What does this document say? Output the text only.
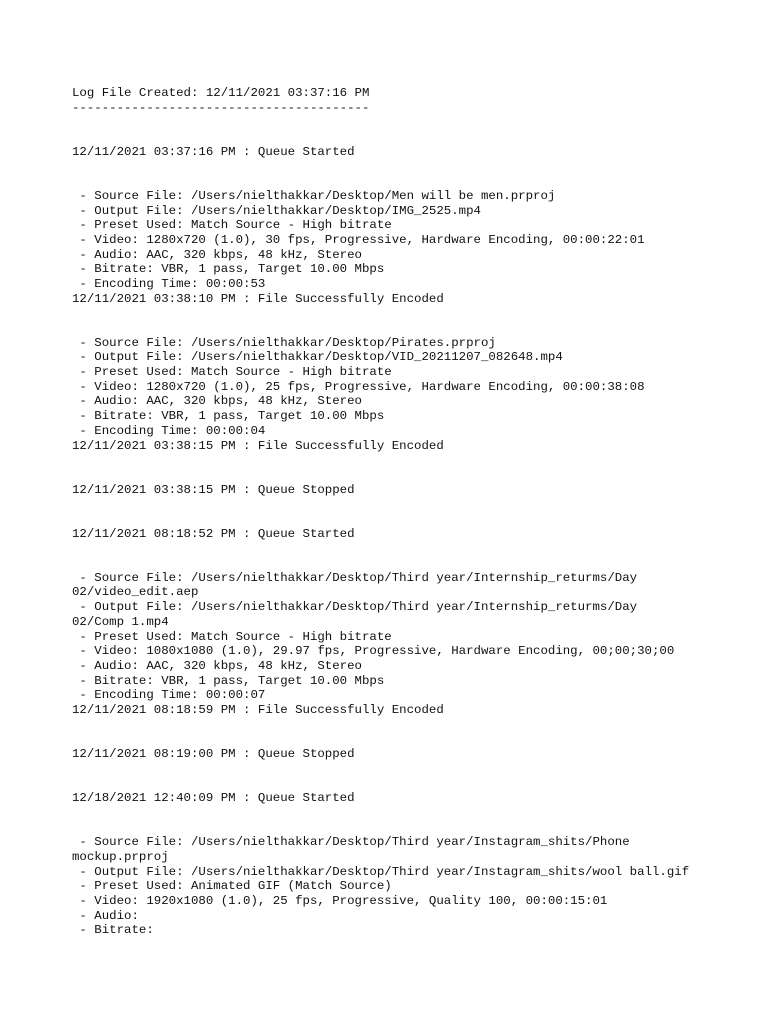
Log File Created: 12/11/2021 03:37:16 PM
----------------------------------------
12/11/2021 03:37:16 PM : Queue Started
- Source File: /Users/nielthakkar/Desktop/Men will be men.prproj
- Output File: /Users/nielthakkar/Desktop/IMG_2525.mp4
- Preset Used: Match Source - High bitrate
- Video: 1280x720 (1.0), 30 fps, Progressive, Hardware Encoding, 00:00:22:01
- Audio: AAC, 320 kbps, 48 kHz, Stereo
- Bitrate: VBR, 1 pass, Target 10.00 Mbps
- Encoding Time: 00:00:53
12/11/2021 03:38:10 PM : File Successfully Encoded
- Source File: /Users/nielthakkar/Desktop/Pirates.prproj
- Output File: /Users/nielthakkar/Desktop/VID_20211207_082648.mp4
- Preset Used: Match Source - High bitrate
- Video: 1280x720 (1.0), 25 fps, Progressive, Hardware Encoding, 00:00:38:08
- Audio: AAC, 320 kbps, 48 kHz, Stereo
- Bitrate: VBR, 1 pass, Target 10.00 Mbps
- Encoding Time: 00:00:04
12/11/2021 03:38:15 PM : File Successfully Encoded
12/11/2021 03:38:15 PM : Queue Stopped
12/11/2021 08:18:52 PM : Queue Started
- Source File: /Users/nielthakkar/Desktop/Third year/Internship_returms/Day
02/video_edit.aep
- Output File: /Users/nielthakkar/Desktop/Third year/Internship_returms/Day
02/Comp 1.mp4
- Preset Used: Match Source - High bitrate
- Video: 1080x1080 (1.0), 29.97 fps, Progressive, Hardware Encoding, 00;00;30;00
- Audio: AAC, 320 kbps, 48 kHz, Stereo
- Bitrate: VBR, 1 pass, Target 10.00 Mbps
- Encoding Time: 00:00:07
12/11/2021 08:18:59 PM : File Successfully Encoded
12/11/2021 08:19:00 PM : Queue Stopped
12/18/2021 12:40:09 PM : Queue Started
- Source File: /Users/nielthakkar/Desktop/Third year/Instagram_shits/Phone
mockup.prproj
- Output File: /Users/nielthakkar/Desktop/Third year/Instagram_shits/wool ball.gif
- Preset Used: Animated GIF (Match Source)
- Video: 1920x1080 (1.0), 25 fps, Progressive, Quality 100, 00:00:15:01
- Audio:
- Bitrate:
